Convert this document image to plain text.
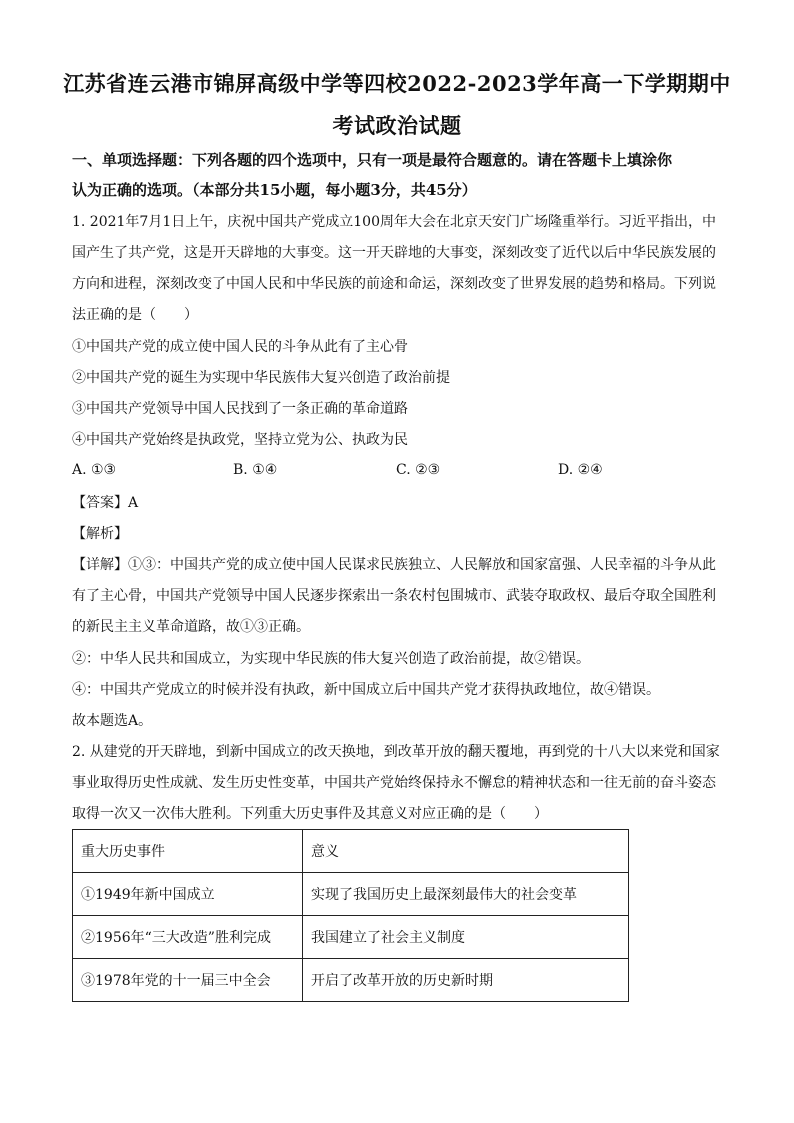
江苏省连云港市锦屏高级中学等四校2022-2023学年高一下学期期中
考试政治试题
一、单项选择题：下列各题的四个选项中，只有一项是最符合题意的。请在答题卡上填涂你
认为正确的选项。（本部分共15小题，每小题3分，共45分）
1. 2021年7月1日上午，庆祝中国共产党成立100周年大会在北京天安门广场隆重举行。习近平指出，中
国产生了共产党，这是开天辟地的大事变。这一开天辟地的大事变，深刻改变了近代以后中华民族发展的
方向和进程，深刻改变了中国人民和中华民族的前途和命运，深刻改变了世界发展的趋势和格局。下列说
法正确的是（　　）
①中国共产党的成立使中国人民的斗争从此有了主心骨
②中国共产党的诞生为实现中华民族伟大复兴创造了政治前提
③中国共产党领导中国人民找到了一条正确的革命道路
④中国共产党始终是执政党，坚持立党为公、执政为民
A. ①③	B. ①④	C. ②③	D. ②④
【答案】A
【解析】
【详解】①③：中国共产党的成立使中国人民谋求民族独立、人民解放和国家富强、人民幸福的斗争从此
有了主心骨，中国共产党领导中国人民逐步探索出一条农村包围城市、武装夺取政权、最后夺取全国胜利
的新民主主义革命道路，故①③正确。
②：中华人民共和国成立，为实现中华民族的伟大复兴创造了政治前提，故②错误。
④：中国共产党成立的时候并没有执政，新中国成立后中国共产党才获得执政地位，故④错误。
故本题选A。
2. 从建党的开天辟地，到新中国成立的改天换地，到改革开放的翻天覆地，再到党的十八大以来党和国家
事业取得历史性成就、发生历史性变革，中国共产党始终保持永不懈怠的精神状态和一往无前的奋斗姿态
取得一次又一次伟大胜利。下列重大历史事件及其意义对应正确的是（　　）
重大历史事件	意义
①1949年新中国成立	实现了我国历史上最深刻最伟大的社会变革
②1956年“三大改造”胜利完成	我国建立了社会主义制度
③1978年党的十一届三中全会	开启了改革开放的历史新时期
